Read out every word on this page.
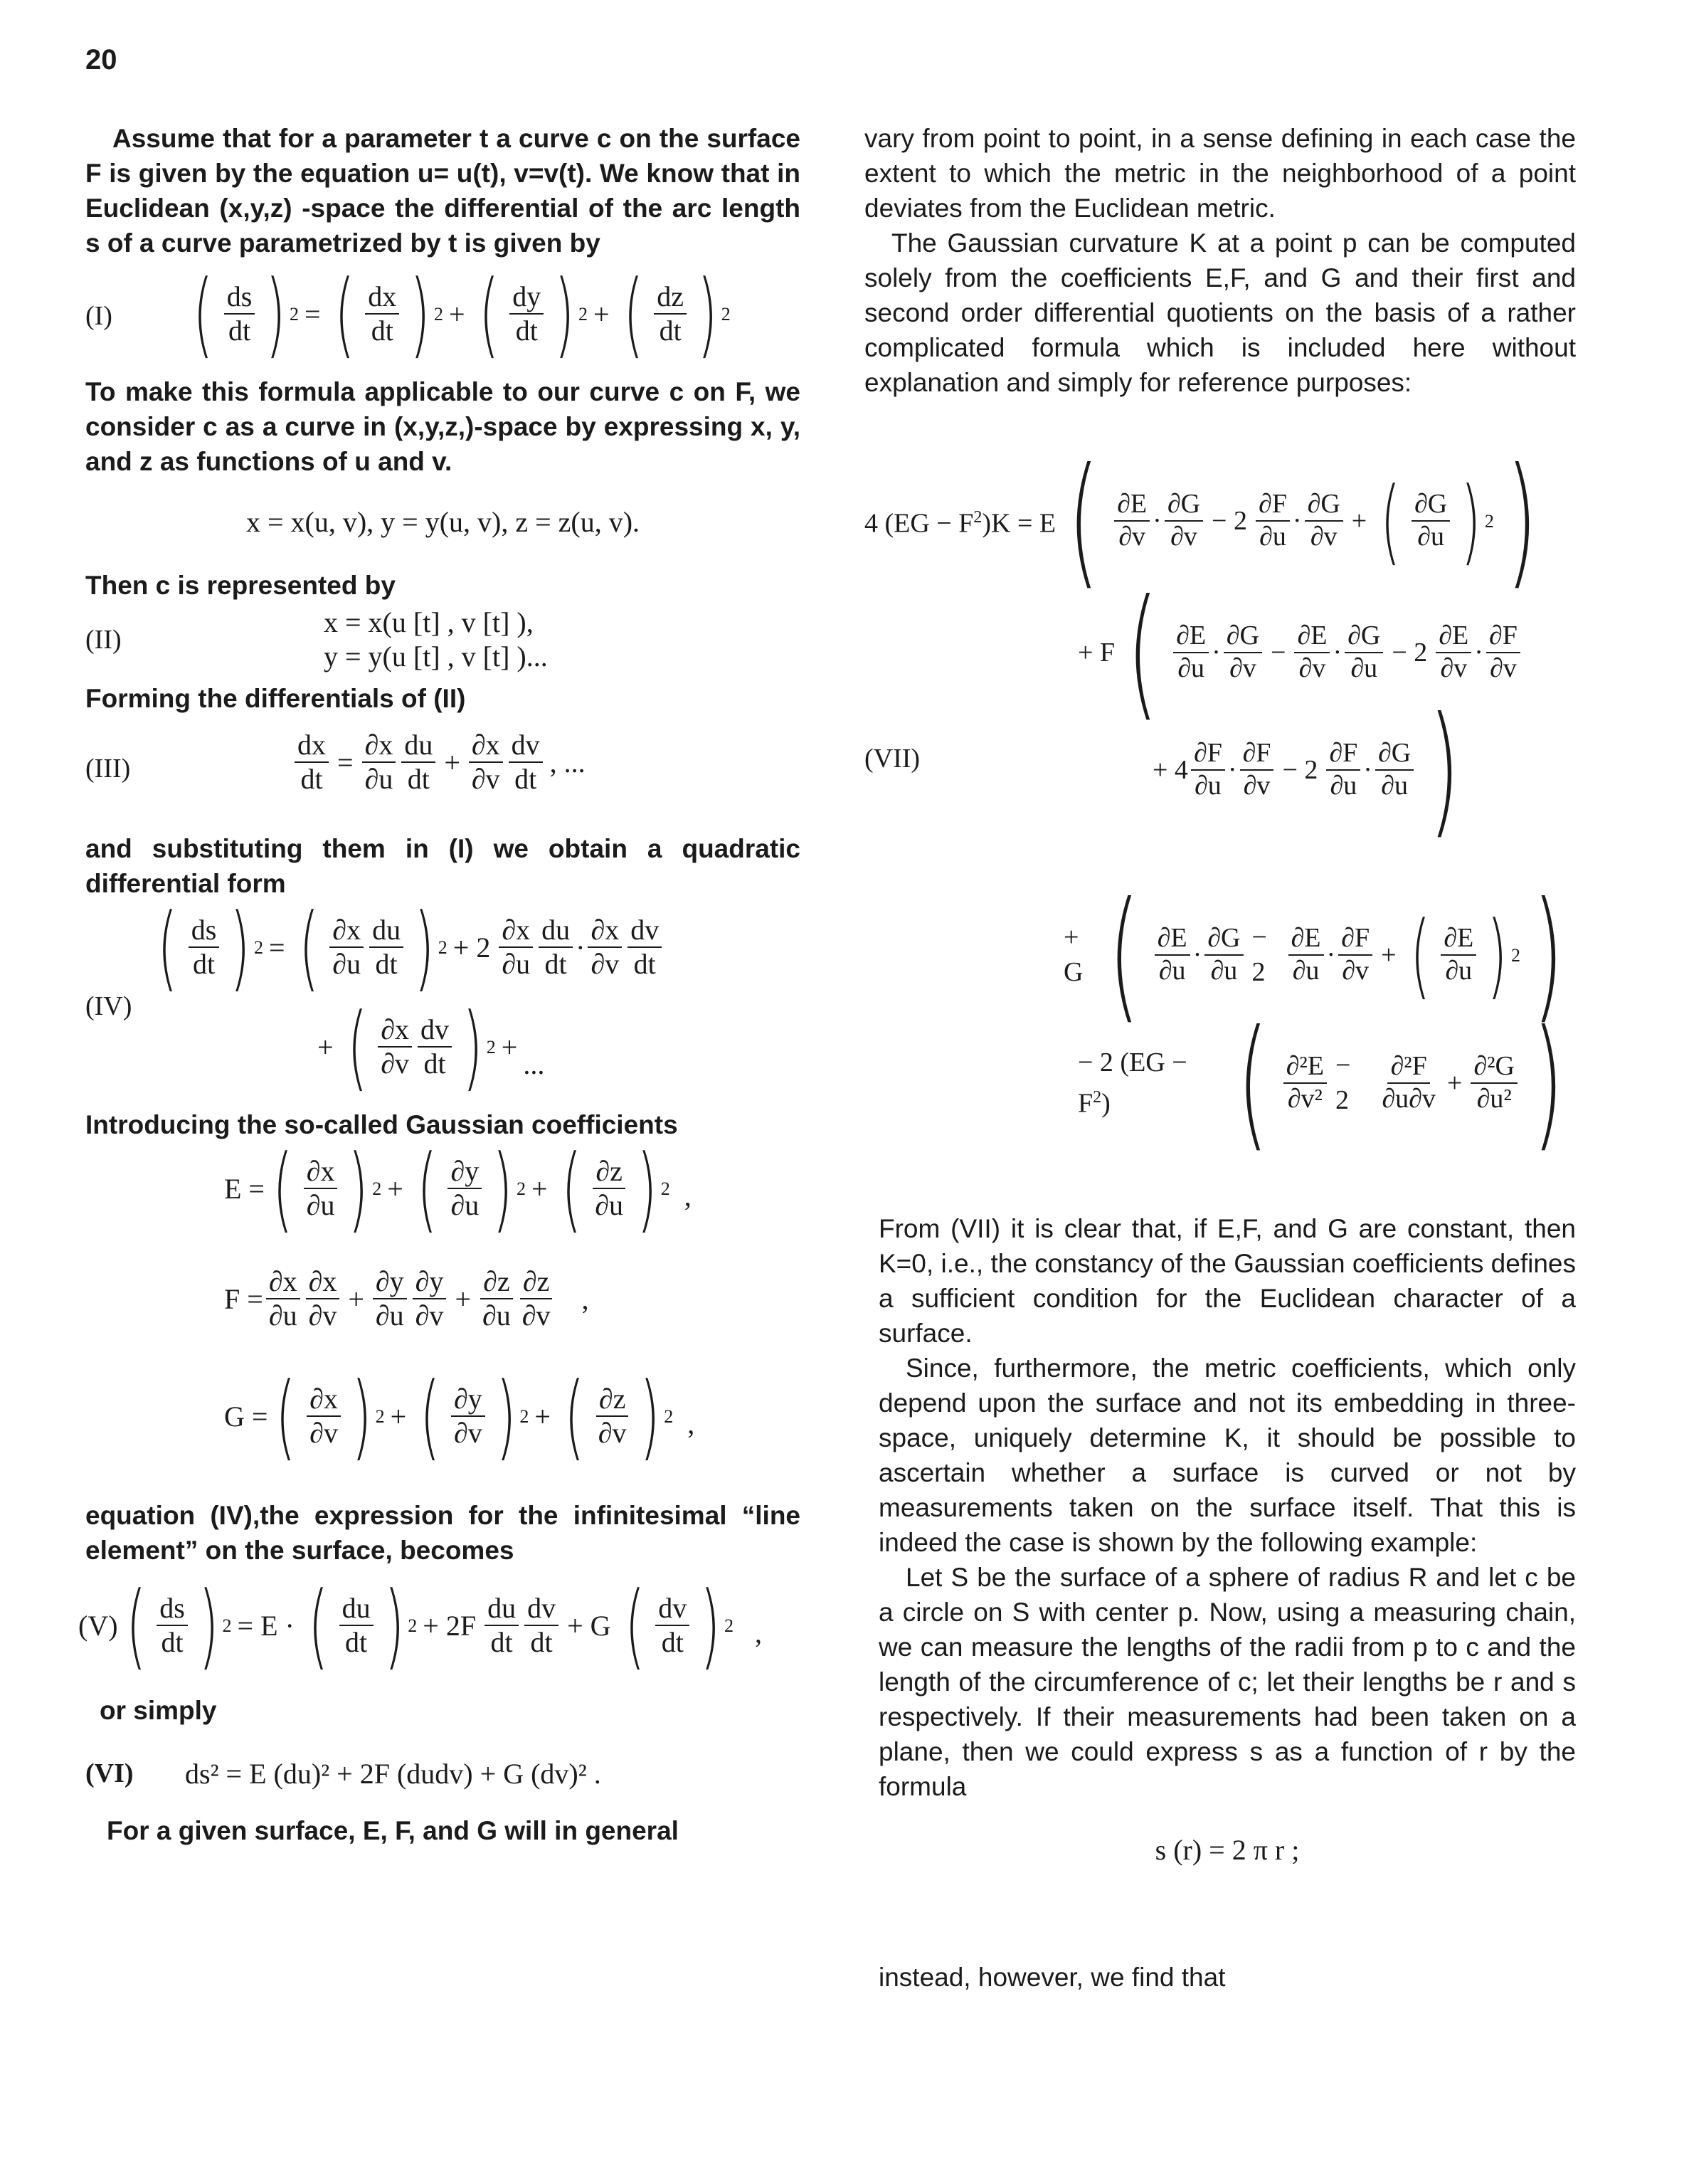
20

Assume that for a parameter t a curve c on the surface F is given by the equation u= u(t), v=v(t). We know that in Euclidean (x,y,z) -space the differential of the arc length s of a curve parametrized by t is given by

(I) ( $\frac{ds}{dt}$ ) 2 = ( $\frac{dx}{dt}$ ) 2 + ( $\frac{dy}{dt}$ ) 2 + ( $\frac{dz}{dt}$ ) 2

To make this formula applicable to our curve c on F, we consider c as a curve in (x,y,z,)-space by expressing x, y, and z as functions of u and v.

x = x(u, v), y = y(u, v), z = z(u, v).

Then c is represented by

(II)
x = x(u [t] , v [t] ),
y = y(u [t] , v [t] )...

Forming the differentials of (II)

(III)	$\frac{dx}{dt} = \frac{\partial x}{\partial u} \frac{du}{dt} + \frac{\partial x}{\partial v} \frac{dv}{dt}$ , ...

and substituting them in (I) we obtain a quadratic differential form

(IV)
( $\frac{ds}{dt}$ ) 2 = ( $\frac{\partial x}{\partial u} \frac{du}{dt}$ ) $2 + 2 \frac{\partial x}{\partial u} \frac{du}{dt} \cdot \frac{\partial x}{\partial v} \frac{dv}{dt}$
+ ( $\frac{\partial x}{\partial v} \frac{dv}{dt}$ ) 2 +
...

Introducing the so-called Gaussian coefficients

E = ( $\frac{\partial x}{\partial u}$ ) 2 + ( $\frac{\partial y}{\partial u}$ ) 2 + ( $\frac{\partial z}{\partial u}$ ) 2 ,
$F = \frac{\partial x}{\partial u} \frac{\partial x}{\partial v} + \frac{\partial y}{\partial u} \frac{\partial y}{\partial v} + \frac{\partial z}{\partial u} \frac{\partial z}{\partial v}$ ,
G = ( $\frac{\partial x}{\partial v}$ ) 2 + ( $\frac{\partial y}{\partial v}$ ) 2 + ( $\frac{\partial z}{\partial v}$ ) 2 ,

equation (IV),the expression for the infinitesimal “line element” on the surface, becomes

(V) ( $\frac{ds}{dt}$ ) 2 = E · ( $\frac{du}{dt}$ ) $2 + 2F \frac{du}{dt} \frac{dv}{dt} + G$ ( $\frac{dv}{dt}$ ) 2 ,

or simply

(VI) ds² = E (du)² + 2F (dudv) + G (dv)² .

For a given surface, E, F, and G will in general

vary from point to point, in a sense defining in each case the extent to which the metric in the neighborhood of a point deviates from the Euclidean metric.

The Gaussian curvature K at a point p can be computed solely from the coefficients E,F, and G and their first and second order differential quotients on the basis of a rather complicated formula which is included here without explanation and simply for reference purposes:

(VII)
4 $(EG - F^2)K = E$ ( $\frac{\partial E}{\partial v} \cdot \frac{\partial G}{\partial v} - 2 \frac{\partial F}{\partial u} \cdot \frac{\partial G}{\partial v}$ + ( $\frac{\partial G}{\partial u}$ ) 2 )
+ F ( $\frac{\partial E}{\partial u} \cdot \frac{\partial G}{\partial v} - \frac{\partial E}{\partial v} \cdot \frac{\partial G}{\partial u} - 2 \frac{\partial E}{\partial v} \cdot \frac{\partial F}{\partial v}$
+ $4 \frac{\partial F}{\partial u} \cdot \frac{\partial F}{\partial v} - 2 \frac{\partial F}{\partial u} \cdot \frac{\partial G}{\partial u}$ )
+ G ( $\frac{\partial E}{\partial u} \cdot \frac{\partial G}{\partial u} - 2 \frac{\partial E}{\partial u} \cdot \frac{\partial F}{\partial v}$ + ( $\frac{\partial E}{\partial u}$ ) 2 )
− 2 $(EG - F^2)$ ( $\frac{\text{∂²E}}{\text{∂v²}} - 2$	$\frac{\text{∂²F}}{\partial u\partial v} + \frac{\text{∂²G}}{\text{∂u²}}$ )

From (VII) it is clear that, if E,F, and G are constant, then K=0, i.e., the constancy of the Gaussian coefficients defines a sufficient condition for the Euclidean character of a surface.

Since, furthermore, the metric coefficients, which only depend upon the surface and not its embedding in three-space, uniquely determine K, it should be possible to ascertain whether a surface is curved or not by measurements taken on the surface itself. That this is indeed the case is shown by the following example:

Let S be the surface of a sphere of radius R and let c be a circle on S with center p. Now, using a measuring chain, we can measure the lengths of the radii from p to c and the length of the circumference of c; let their lengths be r and s respectively. If their measurements had been taken on a plane, then we could express s as a function of r by the formula

s (r) = 2 π r ;

instead, however, we find that
